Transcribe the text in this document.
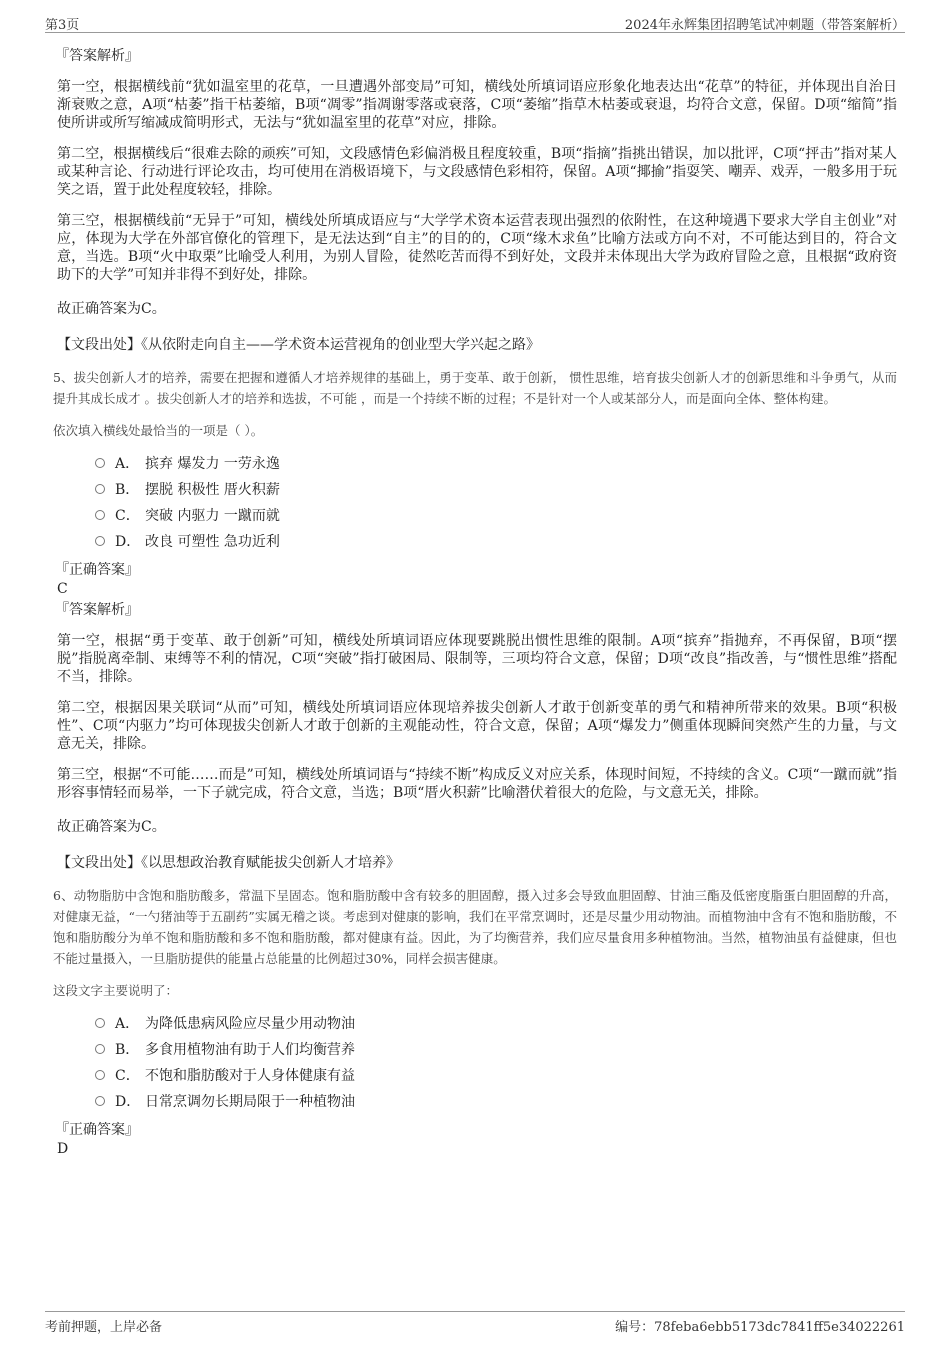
第3页	2024年永辉集团招聘笔试冲刺题（带答案解析）
『答案解析』

第一空，根据横线前“犹如温室里的花草，一旦遭遇外部变局”可知，横线处所填词语应形象化地表达出“花草”的特征，并体现出自治日渐衰败之意，A项“枯萎”指干枯萎缩，B项“凋零”指凋谢零落或衰落，C项“萎缩”指草木枯萎或衰退，均符合文意，保留。D项“缩简”指使所讲或所写缩减成简明形式，无法与“犹如温室里的花草”对应，排除。

第二空，根据横线后“很难去除的顽疾”可知，文段感情色彩偏消极且程度较重，B项“指摘”指挑出错误，加以批评，C项“抨击”指对某人或某种言论、行动进行评论攻击，均可使用在消极语境下，与文段感情色彩相符，保留。A项“揶揄”指耍笑、嘲弄、戏弄，一般多用于玩笑之语，置于此处程度较轻，排除。

第三空，根据横线前“无异于”可知，横线处所填成语应与“大学学术资本运营表现出强烈的依附性，在这种境遇下要求大学自主创业”对应，体现为大学在外部官僚化的管理下，是无法达到“自主”的目的的，C项“缘木求鱼”比喻方法或方向不对，不可能达到目的，符合文意，当选。B项“火中取栗”比喻受人利用，为别人冒险，徒然吃苦而得不到好处，文段并未体现出大学为政府冒险之意，且根据“政府资助下的大学”可知并非得不到好处，排除。

故正确答案为C。

【文段出处】《从依附走向自主——学术资本运营视角的创业型大学兴起之路》
5、拔尖创新人才的培养，需要在把握和遵循人才培养规律的基础上，勇于变革、敢于创新， 惯性思维，培育拔尖创新人才的创新思维和斗争勇气，从而提升其成长成才 。拔尖创新人才的培养和选拔，不可能 ，而是一个持续不断的过程；不是针对一个人或某部分人，而是面向全体、整体构建。
依次填入横线处最恰当的一项是（ ）。
A． 摈弃 爆发力 一劳永逸
B． 摆脱 积极性 厝火积薪
C． 突破 内驱力 一蹴而就
D． 改良 可塑性 急功近利
『正确答案』
C
『答案解析』

第一空，根据“勇于变革、敢于创新”可知，横线处所填词语应体现要跳脱出惯性思维的限制。A项“摈弃”指抛弃，不再保留，B项“摆脱”指脱离牵制、束缚等不利的情况，C项“突破”指打破困局、限制等，三项均符合文意，保留；D项“改良”指改善，与“惯性思维”搭配不当，排除。

第二空，根据因果关联词“从而”可知，横线处所填词语应体现培养拔尖创新人才敢于创新变革的勇气和精神所带来的效果。B项“积极性”、C项“内驱力”均可体现拔尖创新人才敢于创新的主观能动性，符合文意，保留；A项“爆发力”侧重体现瞬间突然产生的力量，与文意无关，排除。

第三空，根据“不可能……而是”可知，横线处所填词语与“持续不断”构成反义对应关系，体现时间短，不持续的含义。C项“一蹴而就”指形容事情轻而易举，一下子就完成，符合文意，当选；B项“厝火积薪”比喻潜伏着很大的危险，与文意无关，排除。

故正确答案为C。

【文段出处】《以思想政治教育赋能拔尖创新人才培养》
6、动物脂肪中含饱和脂肪酸多，常温下呈固态。饱和脂肪酸中含有较多的胆固醇，摄入过多会导致血胆固醇、甘油三酯及低密度脂蛋白胆固醇的升高，对健康无益，“一勺猪油等于五副药”实属无稽之谈。考虑到对健康的影响，我们在平常烹调时，还是尽量少用动物油。而植物油中含有不饱和脂肪酸，不饱和脂肪酸分为单不饱和脂肪酸和多不饱和脂肪酸，都对健康有益。因此，为了均衡营养，我们应尽量食用多种植物油。当然，植物油虽有益健康，但也不能过量摄入，一旦脂肪提供的能量占总能量的比例超过30%，同样会损害健康。
这段文字主要说明了：
A． 为降低患病风险应尽量少用动物油
B． 多食用植物油有助于人们均衡营养
C． 不饱和脂肪酸对于人身体健康有益
D． 日常烹调勿长期局限于一种植物油
『正确答案』
D
考前押题，上岸必备	编号：78feba6ebb5173dc7841ff5e34022261
